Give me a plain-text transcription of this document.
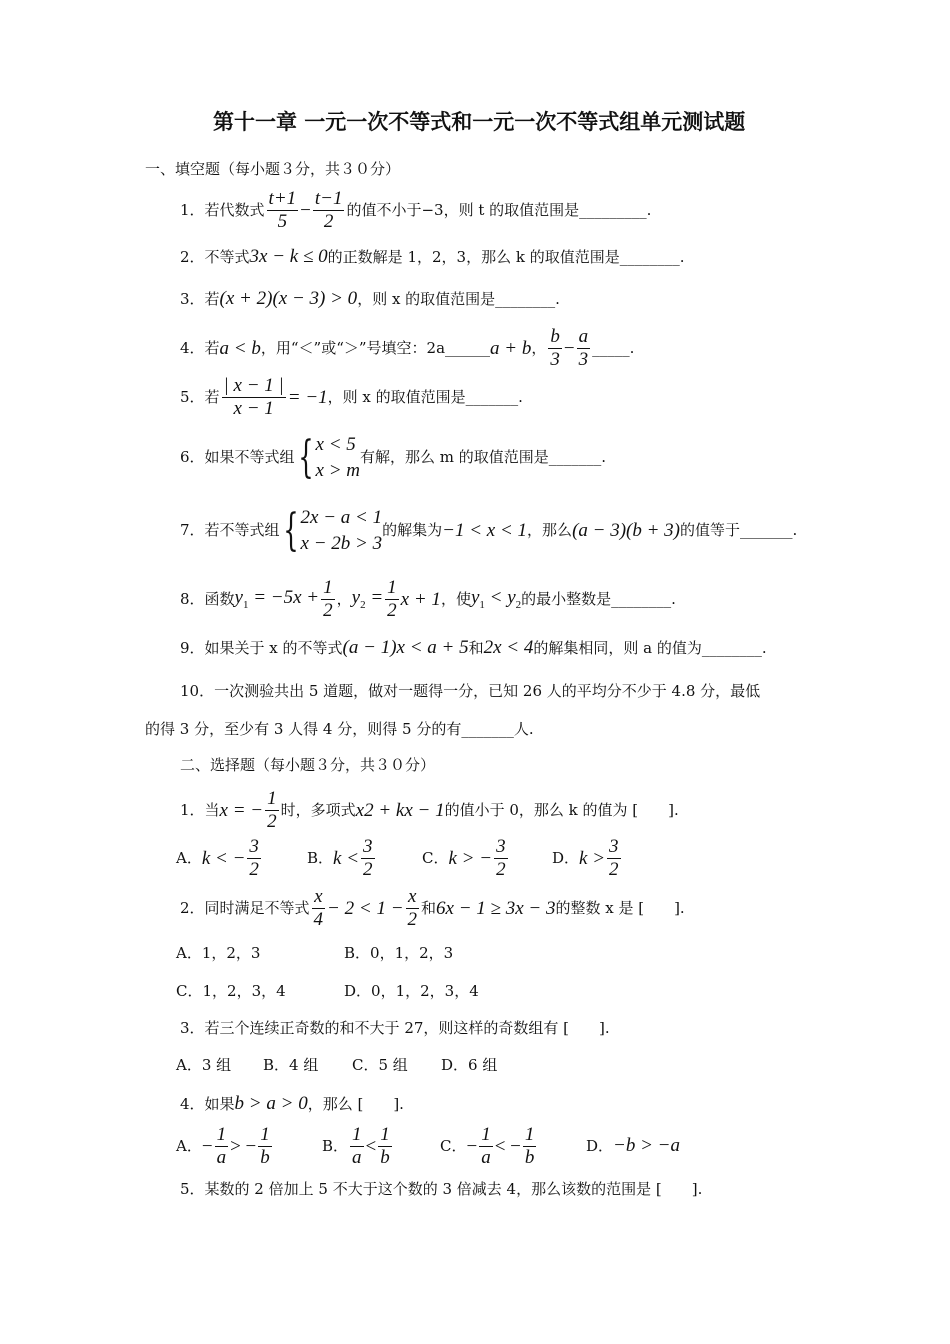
第十一章 一元一次不等式和一元一次不等式组单元测试题
一、填空题（每小题３分，共３０分）
1．若代数式 $\frac{t+1}{5} - \frac{t-1}{2}$ 的值不小于−3，则 t 的取值范围是_________.
2．不等式3x − k ≤ 0的正数解是 1，2，3，那么 k 的取值范围是________.
3．若(x + 2)(x − 3) > 0，则 x 的取值范围是________.
4．若a < b，用“＜”或“＞”号填空：2a______a + b， $\frac{b}{3} - \frac{a}{3}$ _____.
5．若 $\frac{| x - 1 |}{x - 1} = -1$，则 x 的取值范围是_______.
6．如果不等式组{ x < 5
x > m
有解，那么 m 的取值范围是_______.
7．若不等式组{ 2x − a < 1
x − 2b > 3
的解集为−1 < x < 1，那么(a − 3)(b + 3)的值等于_______.
8．函数$y_1 = -5x + \frac{1}{2}$ ，$y_2 = \frac{1}{2}$ x + 1，使$y_1 < y_2$的最小整数是________.
9．如果关于 x 的不等式(a − 1)x < a + 5和2x < 4的解集相同，则 a 的值为________.
10．一次测验共出 5 道题，做对一题得一分，已知 26 人的平均分不少于 4.8 分，最低
的得 3 分，至少有 3 人得 4 分，则得 5 分的有_______人.
二、选择题（每小题３分，共３０分）
1．当x = − $\frac{1}{2}$ 时，多项式x2 + kx − 1的值小于 0，那么 k 的值为 [　　].
A．k < − $\frac{3}{2}$	B．$k < \frac{3}{2}$	C．k > − $\frac{3}{2}$	D．$k > \frac{3}{2}$
2．同时满足不等式 $\frac{x}{4} - 2 < 1 - \frac{x}{2}$ 和6x − 1 ≥ 3x − 3的整数 x 是 [　　].
A．1，2，3	B．0，1，2，3
C．1，2，3，4	D．0，1，2，3，4
3．若三个连续正奇数的和不大于 27，则这样的奇数组有 [　　].
A．3 组 B．4 组 C．5 组 D．6 组
4．如果b > a > 0，那么 [　　].
A．− $\frac{1}{a}$ > − $\frac{1}{b}$	B． $\frac{1}{a} < \frac{1}{b}$	C．− $\frac{1}{a}$ < − $\frac{1}{b}$	D．−b > −a
5．某数的 2 倍加上 5 不大于这个数的 3 倍减去 4，那么该数的范围是 [　　].
